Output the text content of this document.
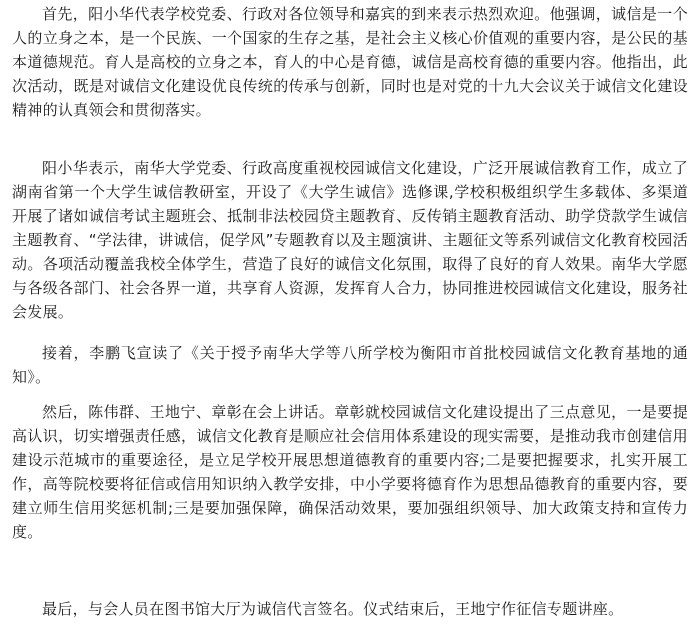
首先，阳小华代表学校党委、行政对各位领导和嘉宾的到来表示热烈欢迎。他强调，诚信是一个人的立身之本，是一个民族、一个国家的生存之基，是社会主义核心价值观的重要内容，是公民的基本道德规范。育人是高校的立身之本，育人的中心是育德，诚信是高校育德的重要内容。他指出，此次活动，既是对诚信文化建设优良传统的传承与创新，同时也是对党的十九大会议关于诚信文化建设精神的认真领会和贯彻落实。

阳小华表示，南华大学党委、行政高度重视校园诚信文化建设，广泛开展诚信教育工作，成立了湖南省第一个大学生诚信教研室，开设了《大学生诚信》选修课,学校积极组织学生多载体、多渠道开展了诸如诚信考试主题班会、抵制非法校园贷主题教育、反传销主题教育活动、助学贷款学生诚信主题教育、“学法律，讲诚信，促学风”专题教育以及主题演讲、主题征文等系列诚信文化教育校园活动。各项活动覆盖我校全体学生，营造了良好的诚信文化氛围，取得了良好的育人效果。南华大学愿与各级各部门、社会各界一道，共享育人资源，发挥育人合力，协同推进校园诚信文化建设，服务社会发展。

接着，李鹏飞宣读了《关于授予南华大学等八所学校为衡阳市首批校园诚信文化教育基地的通知》。

然后，陈伟群、王地宁、章彰在会上讲话。章彰就校园诚信文化建设提出了三点意见，一是要提高认识，切实增强责任感，诚信文化教育是顺应社会信用体系建设的现实需要，是推动我市创建信用建设示范城市的重要途径，是立足学校开展思想道德教育的重要内容;二是要把握要求，扎实开展工作，高等院校要将征信或信用知识纳入教学安排，中小学要将德育作为思想品德教育的重要内容，要建立师生信用奖惩机制;三是要加强保障，确保活动效果，要加强组织领导、加大政策支持和宣传力度。

最后，与会人员在图书馆大厅为诚信代言签名。仪式结束后，王地宁作征信专题讲座。
